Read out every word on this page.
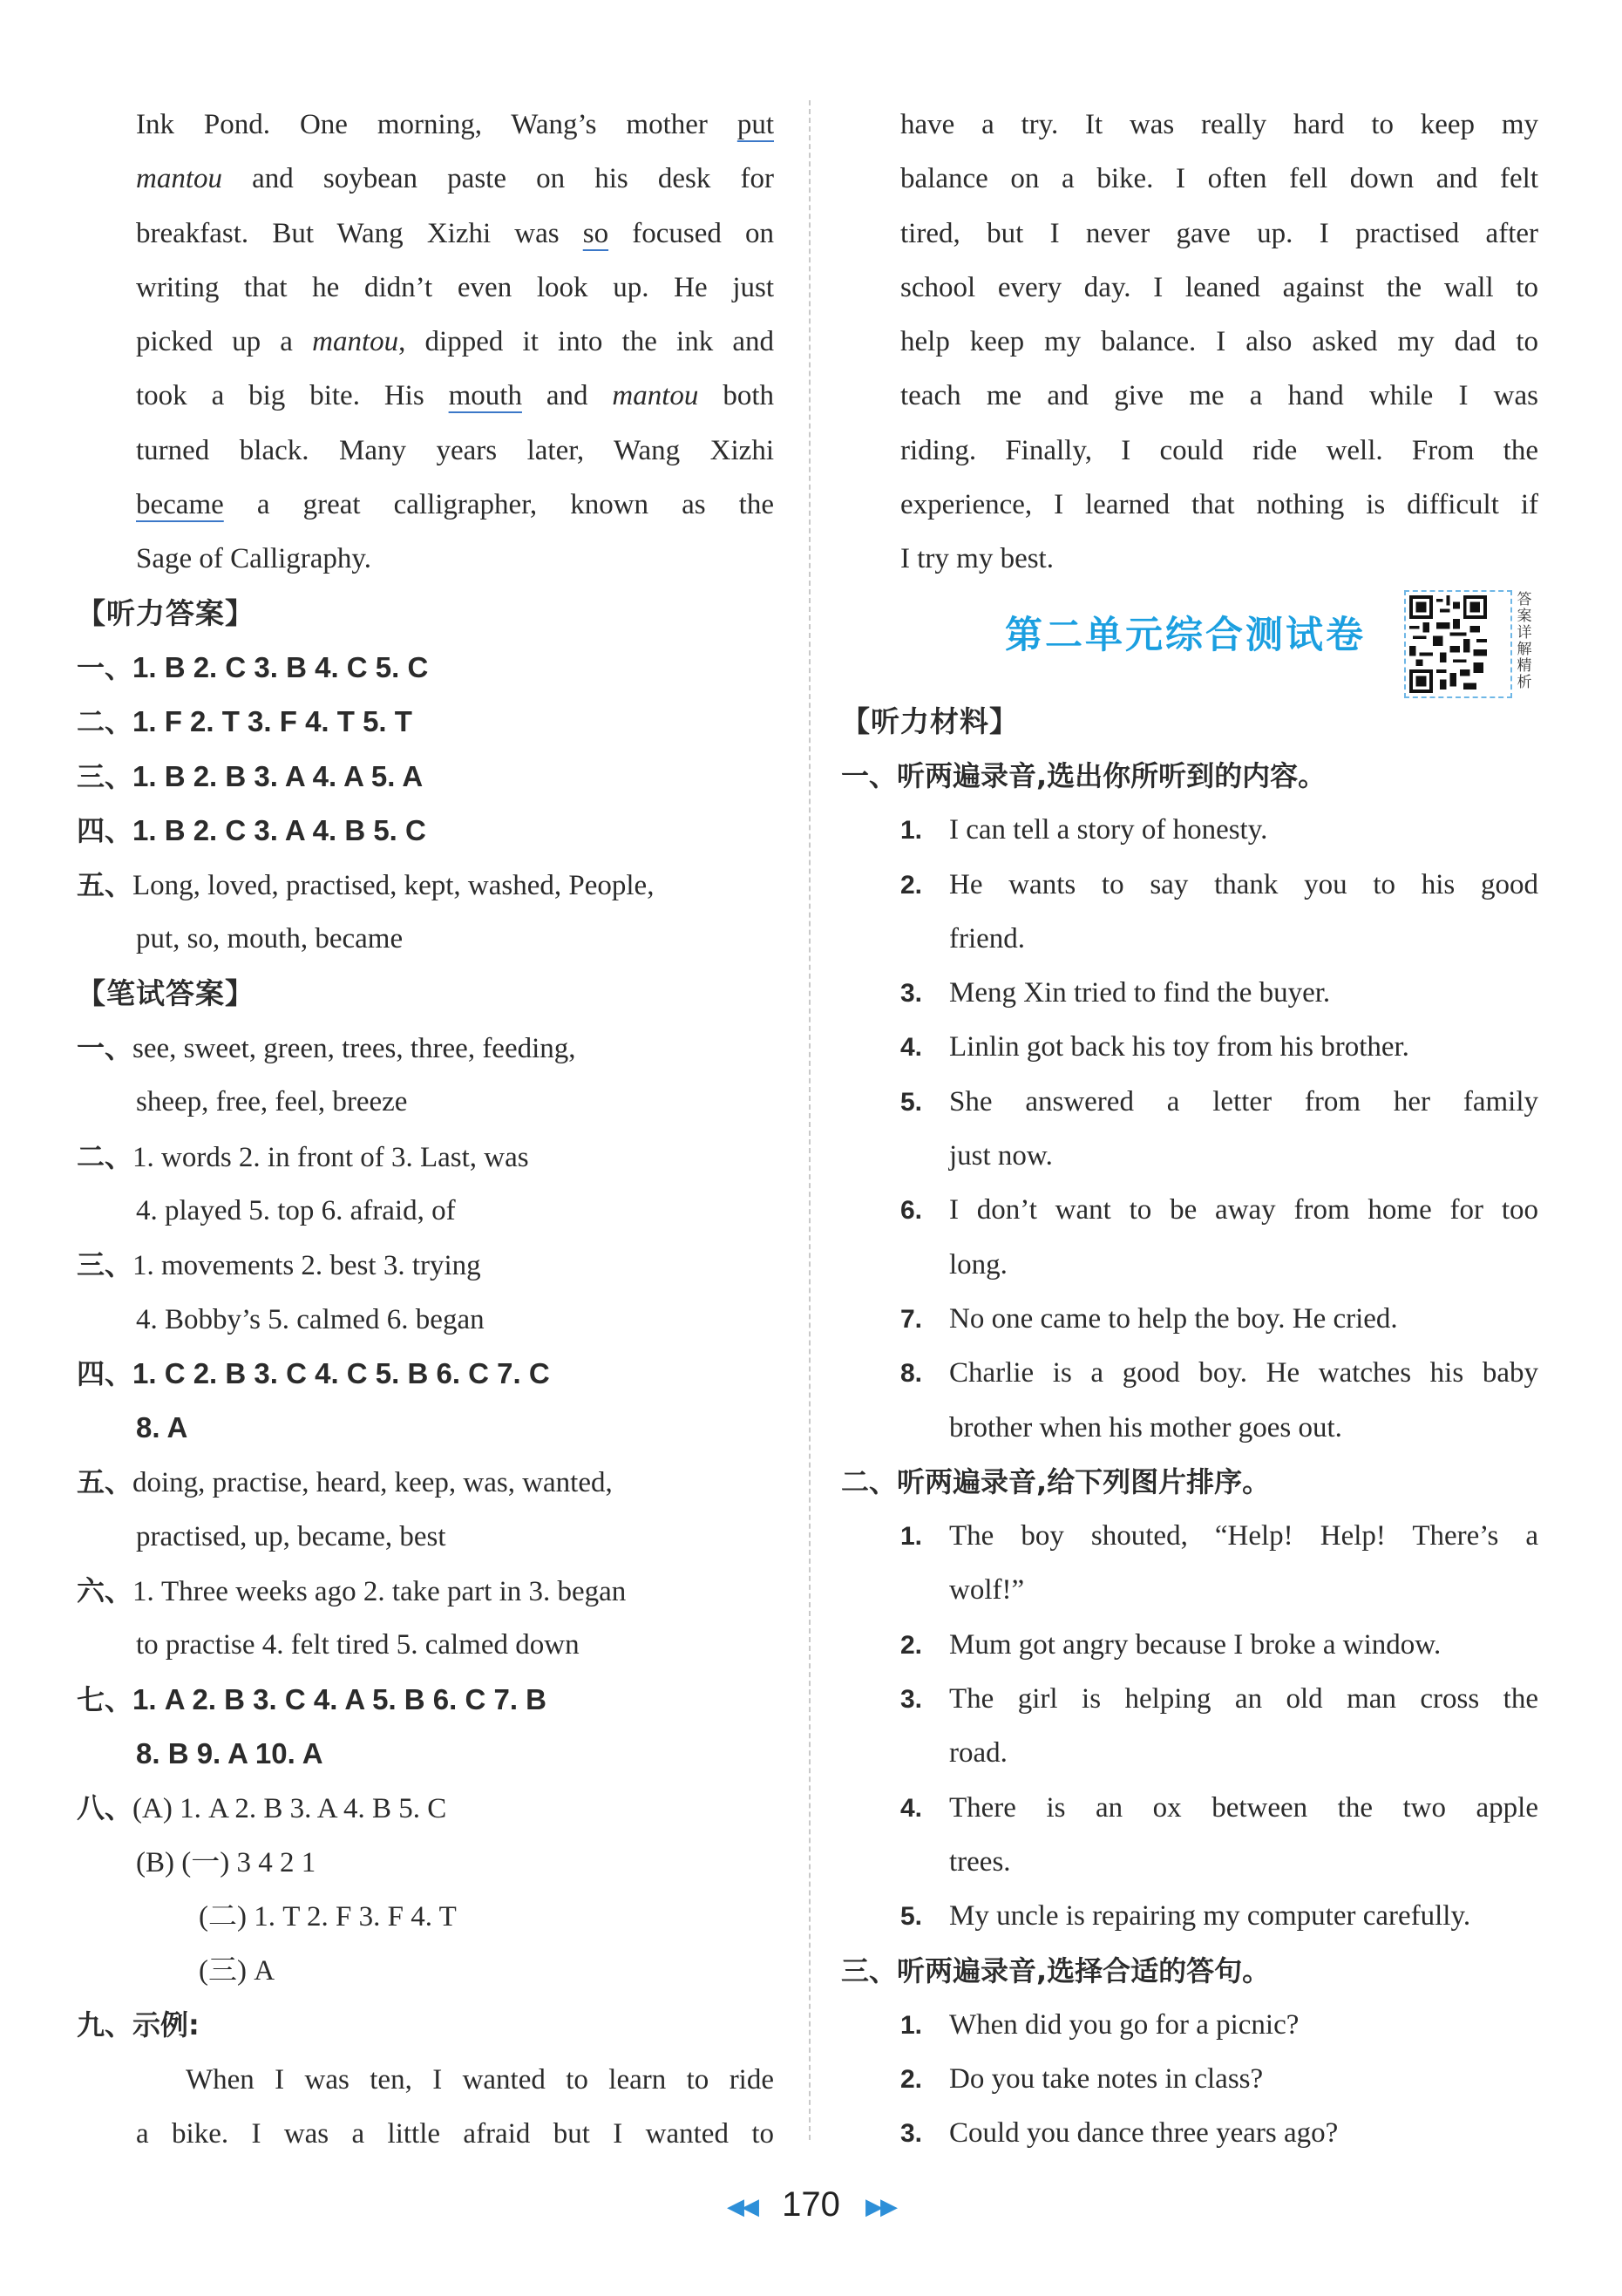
Ink Pond. One morning, Wang’s mother put
mantou and soybean paste on his desk for
breakfast. But Wang Xizhi was so focused on
writing that he didn’t even look up. He just
picked up a mantou, dipped it into the ink and
took a big bite. His mouth and mantou both
turned black. Many years later, Wang Xizhi
became a great calligrapher, known as the
Sage of Calligraphy.
【听力答案】
一、1. B 2. C 3. B 4. C 5. C
二、1. F 2. T 3. F 4. T 5. T
三、1. B 2. B 3. A 4. A 5. A
四、1. B 2. C 3. A 4. B 5. C
五、Long, loved, practised, kept, washed, People,
put, so, mouth, became
【笔试答案】
一、see, sweet, green, trees, three, feeding,
sheep, free, feel, breeze
二、1. words 2. in front of 3. Last, was
4. played 5. top 6. afraid, of
三、1. movements 2. best 3. trying
4. Bobby’s 5. calmed 6. began
四、1. C 2. B 3. C 4. C 5. B 6. C 7. C
8. A
五、doing, practise, heard, keep, was, wanted,
practised, up, became, best
六、1. Three weeks ago 2. take part in 3. began
to practise 4. felt tired 5. calmed down
七、1. A 2. B 3. C 4. A 5. B 6. C 7. B
8. B 9. A 10. A
八、(A) 1. A 2. B 3. A 4. B 5. C
(B) (一) 3 4 2 1
(二) 1. T 2. F 3. F 4. T
(三) A
九、示例:
When I was ten, I wanted to learn to ride
a bike. I was a little afraid but I wanted to
have a try. It was really hard to keep my
balance on a bike. I often fell down and felt
tired, but I never gave up. I practised after
school every day. I leaned against the wall to
help keep my balance. I also asked my dad to
teach me and give me a hand while I was
riding. Finally, I could ride well. From the
experience, I learned that nothing is difficult if
I try my best.
第二单元综合测试卷
答案详解精析
【听力材料】
一、听两遍录音,选出你所听到的内容。
1. I can tell a story of honesty.
2. He wants to say thank you to his good
friend.
3. Meng Xin tried to find the buyer.
4. Linlin got back his toy from his brother.
5. She answered a letter from her family
just now.
6. I don’t want to be away from home for too
long.
7. No one came to help the boy. He cried.
8. Charlie is a good boy. He watches his baby
brother when his mother goes out.
二、听两遍录音,给下列图片排序。
1. The boy shouted, “Help! Help! There’s a
wolf!”
2. Mum got angry because I broke a window.
3. The girl is helping an old man cross the
road.
4. There is an ox between the two apple
trees.
5. My uncle is repairing my computer carefully.
三、听两遍录音,选择合适的答句。
1. When did you go for a picnic?
2. Do you take notes in class?
3. Could you dance three years ago?
◀◀ 170 ▶▶
